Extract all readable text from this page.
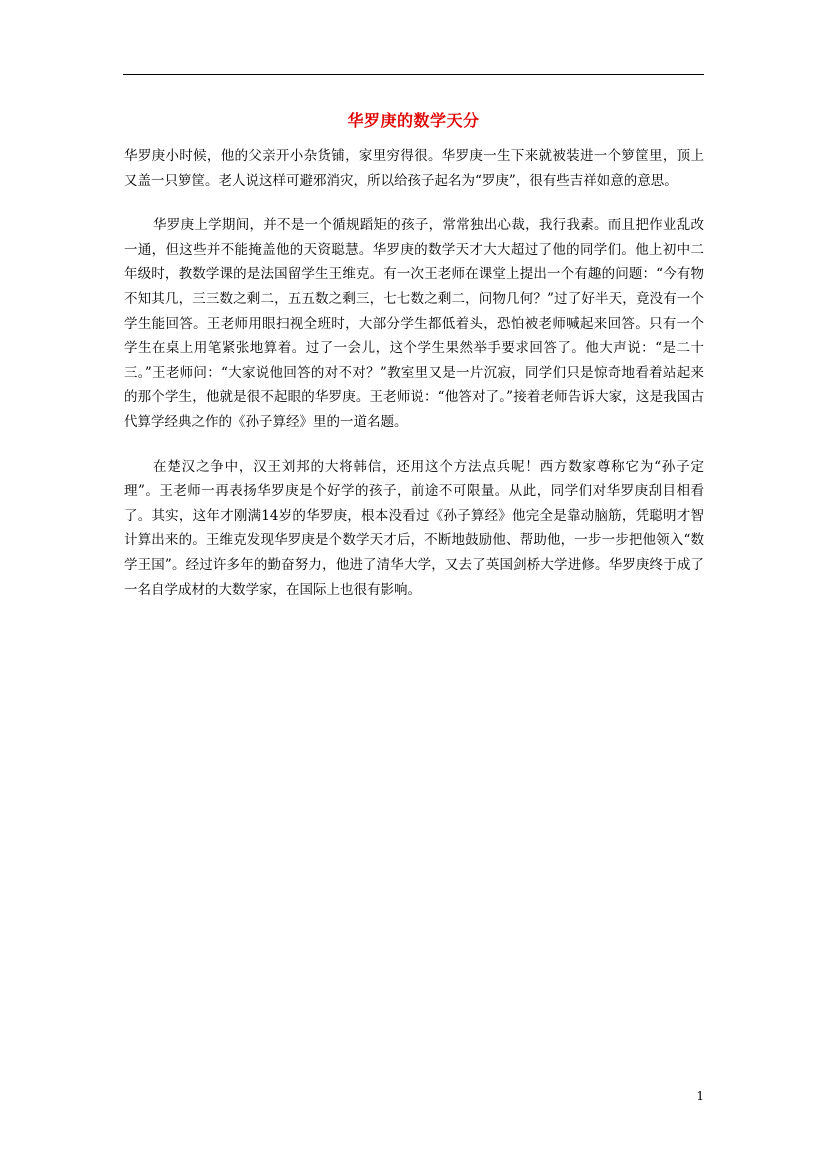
华罗庚的数学天分

华罗庚小时候，他的父亲开小杂货铺，家里穷得很。华罗庚一生下来就被装进一个箩筐里，顶上又盖一只箩筐。老人说这样可避邪消灾，所以给孩子起名为“罗庚”，很有些吉祥如意的意思。

华罗庚上学期间，并不是一个循规蹈矩的孩子，常常独出心裁，我行我素。而且把作业乱改一通，但这些并不能掩盖他的天资聪慧。华罗庚的数学天才大大超过了他的同学们。他上初中二年级时，教数学课的是法国留学生王维克。有一次王老师在课堂上提出一个有趣的问题：“今有物不知其几，三三数之剩二，五五数之剩三，七七数之剩二，问物几何？”过了好半天，竟没有一个学生能回答。王老师用眼扫视全班时，大部分学生都低着头，恐怕被老师喊起来回答。只有一个学生在桌上用笔紧张地算着。过了一会儿，这个学生果然举手要求回答了。他大声说：“是二十三。”王老师问：“大家说他回答的对不对？”教室里又是一片沉寂，同学们只是惊奇地看着站起来的那个学生，他就是很不起眼的华罗庚。王老师说：“他答对了。”接着老师告诉大家，这是我国古代算学经典之作的《孙子算经》里的一道名题。

在楚汉之争中，汉王刘邦的大将韩信，还用这个方法点兵呢！西方数家尊称它为“孙子定理”。王老师一再表扬华罗庚是个好学的孩子，前途不可限量。从此，同学们对华罗庚刮目相看了。其实，这年才刚满14岁的华罗庚，根本没看过《孙子算经》他完全是靠动脑筋，凭聪明才智计算出来的。王维克发现华罗庚是个数学天才后，不断地鼓励他、帮助他，一步一步把他领入“数学王国”。经过许多年的勤奋努力，他进了清华大学，又去了英国剑桥大学进修。华罗庚终于成了一名自学成材的大数学家，在国际上也很有影响。

1
